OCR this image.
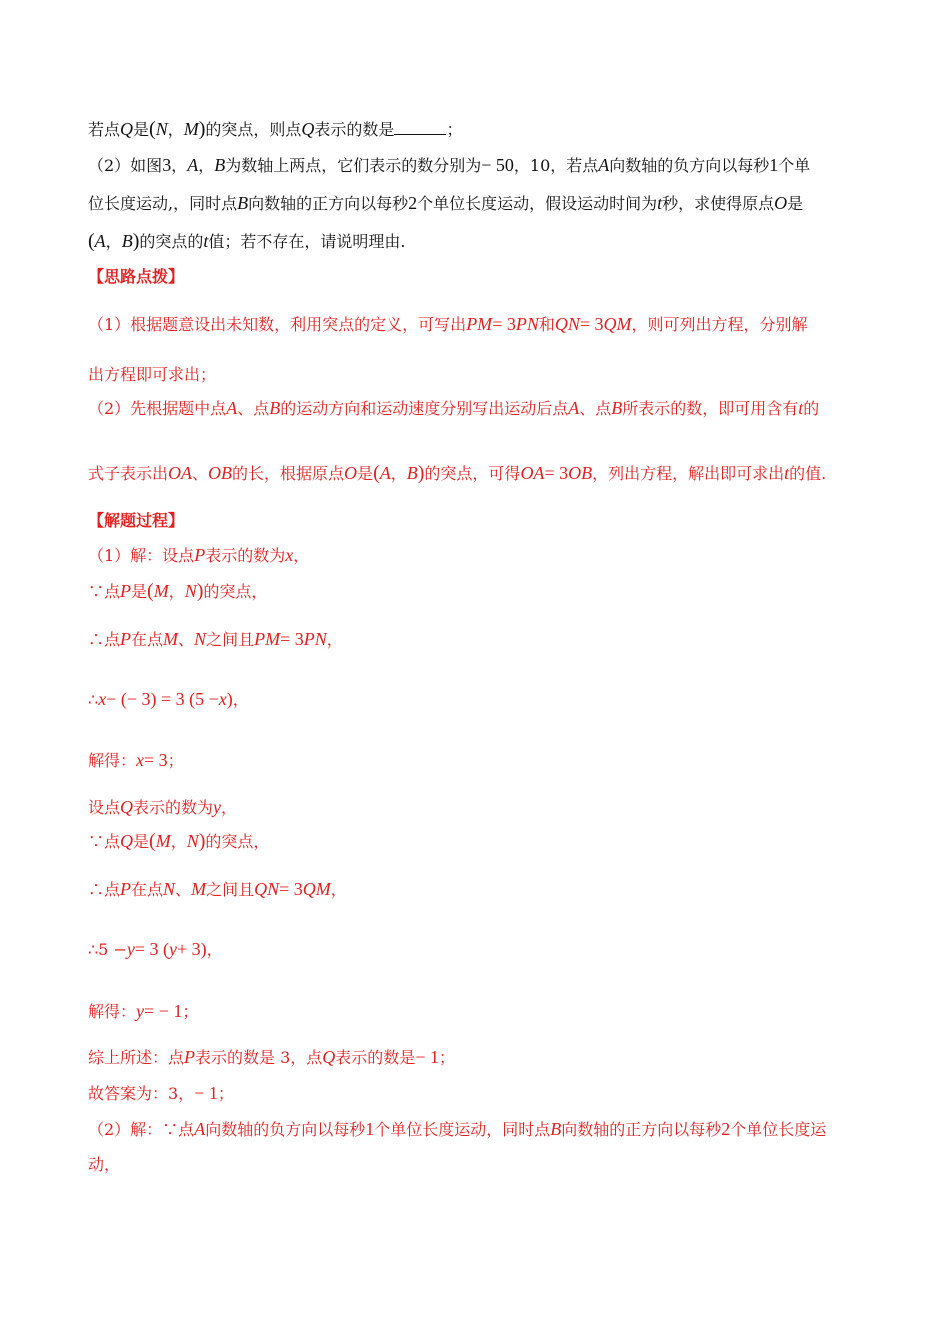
若点Q是(N，M)的突点，则点Q表示的数是	；
（2）如图3，A，B为数轴上两点，它们表示的数分别为− 50，10，若点A向数轴的负方向以每秒1个单
位长度运动,，同时点B向数轴的正方向以每秒2个单位长度运动，假设运动时间为t秒，求使得原点O是
(A，B)的突点的t值；若不存在，请说明理由.
【思路点拨】
（1）根据题意设出未知数，利用突点的定义，可写出PM= 3PN和QN= 3QM，则可列出方程，分别解
出方程即可求出；
（2）先根据题中点A、点B的运动方向和运动速度分别写出运动后点A、点B所表示的数，即可用含有t的
式子表示出OA、OB的长，根据原点O是(A，B)的突点，可得OA= 3OB，列出方程，解出即可求出t的值.
【解题过程】
（1）解：设点P表示的数为x，
∵点P是(M，N)的突点，
∴点P在点M、N之间且PM= 3PN，
∴x− (− 3) = 3 (5 −x)，
解得：x= 3；
设点Q表示的数为y，
∵点Q是(M，N)的突点，
∴点P在点N、M之间且QN= 3QM，
∴5 −y= 3 (y+ 3)，
解得：y= − 1；
综上所述：点P表示的数是 3，点Q表示的数是− 1；
故答案为：3，− 1；
（2）解：∵点A向数轴的负方向以每秒1个单位长度运动，同时点B向数轴的正方向以每秒2个单位长度运
动，
